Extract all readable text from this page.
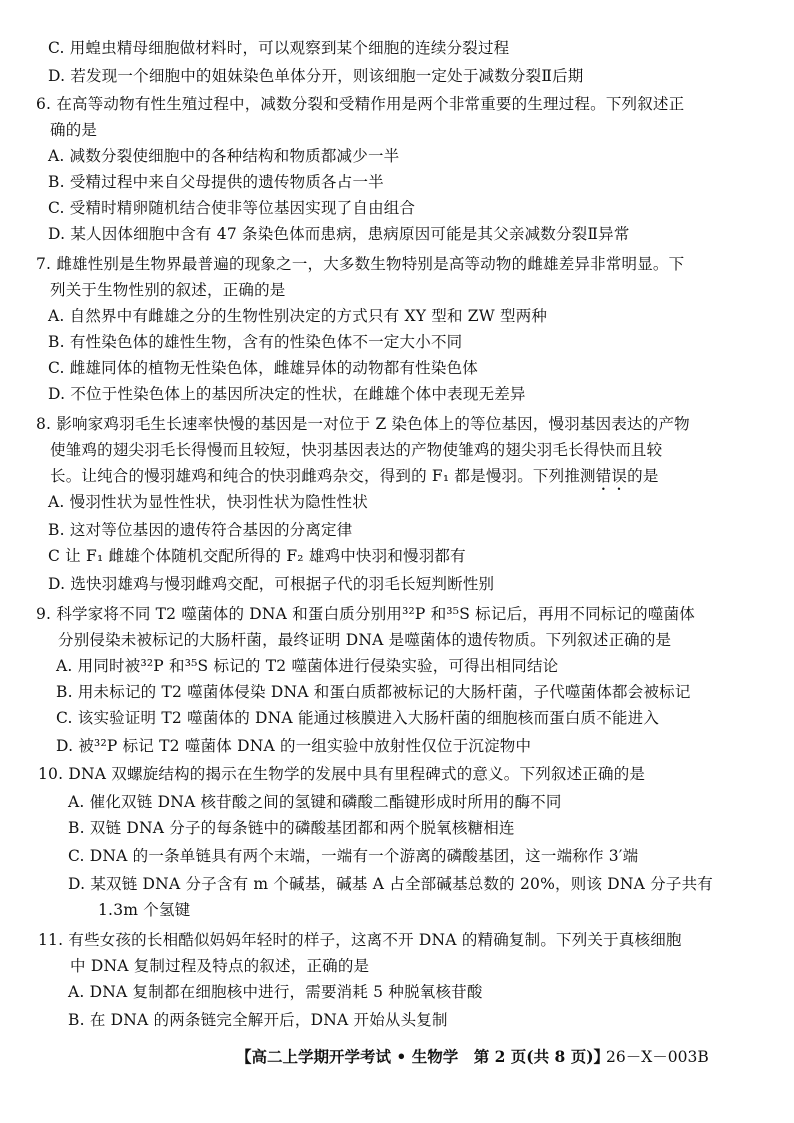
C. 用蝗虫精母细胞做材料时，可以观察到某个细胞的连续分裂过程
D. 若发现一个细胞中的姐妹染色单体分开，则该细胞一定处于减数分裂Ⅱ后期
6. 在高等动物有性生殖过程中，减数分裂和受精作用是两个非常重要的生理过程。下列叙述正
确的是
A. 减数分裂使细胞中的各种结构和物质都减少一半
B. 受精过程中来自父母提供的遗传物质各占一半
C. 受精时精卵随机结合使非等位基因实现了自由组合
D. 某人因体细胞中含有 47 条染色体而患病，患病原因可能是其父亲减数分裂Ⅱ异常
7. 雌雄性别是生物界最普遍的现象之一，大多数生物特别是高等动物的雌雄差异非常明显。下
列关于生物性别的叙述，正确的是
A. 自然界中有雌雄之分的生物性别决定的方式只有 XY 型和 ZW 型两种
B. 有性染色体的雄性生物，含有的性染色体不一定大小不同
C. 雌雄同体的植物无性染色体，雌雄异体的动物都有性染色体
D. 不位于性染色体上的基因所决定的性状，在雌雄个体中表现无差异
8. 影响家鸡羽毛生长速率快慢的基因是一对位于 Z 染色体上的等位基因，慢羽基因表达的产物
使雏鸡的翅尖羽毛长得慢而且较短，快羽基因表达的产物使雏鸡的翅尖羽毛长得快而且较
长。让纯合的慢羽雄鸡和纯合的快羽雌鸡杂交，得到的 F₁ 都是慢羽。下列推测错误的是
A. 慢羽性状为显性性状，快羽性状为隐性性状
B. 这对等位基因的遗传符合基因的分离定律
C 让 F₁ 雌雄个体随机交配所得的 F₂ 雄鸡中快羽和慢羽都有
D. 选快羽雄鸡与慢羽雌鸡交配，可根据子代的羽毛长短判断性别
9. 科学家将不同 T2 噬菌体的 DNA 和蛋白质分别用³²P 和³⁵S 标记后，再用不同标记的噬菌体
分别侵染未被标记的大肠杆菌，最终证明 DNA 是噬菌体的遗传物质。下列叙述正确的是
A. 用同时被³²P 和³⁵S 标记的 T2 噬菌体进行侵染实验，可得出相同结论
B. 用未标记的 T2 噬菌体侵染 DNA 和蛋白质都被标记的大肠杆菌，子代噬菌体都会被标记
C. 该实验证明 T2 噬菌体的 DNA 能通过核膜进入大肠杆菌的细胞核而蛋白质不能进入
D. 被³²P 标记 T2 噬菌体 DNA 的一组实验中放射性仅位于沉淀物中
10. DNA 双螺旋结构的揭示在生物学的发展中具有里程碑式的意义。下列叙述正确的是
A. 催化双链 DNA 核苷酸之间的氢键和磷酸二酯键形成时所用的酶不同
B. 双链 DNA 分子的每条链中的磷酸基团都和两个脱氧核糖相连
C. DNA 的一条单链具有两个末端，一端有一个游离的磷酸基团，这一端称作 3′端
D. 某双链 DNA 分子含有 m 个碱基，碱基 A 占全部碱基总数的 20%，则该 DNA 分子共有
1.3m 个氢键
11. 有些女孩的长相酷似妈妈年轻时的样子，这离不开 DNA 的精确复制。下列关于真核细胞
中 DNA 复制过程及特点的叙述，正确的是
A. DNA 复制都在细胞核中进行，需要消耗 5 种脱氧核苷酸
B. 在 DNA 的两条链完全解开后，DNA 开始从头复制
【高二上学期开学考试 • 生物学　第 2 页(共 8 页)】
26－X－003B
